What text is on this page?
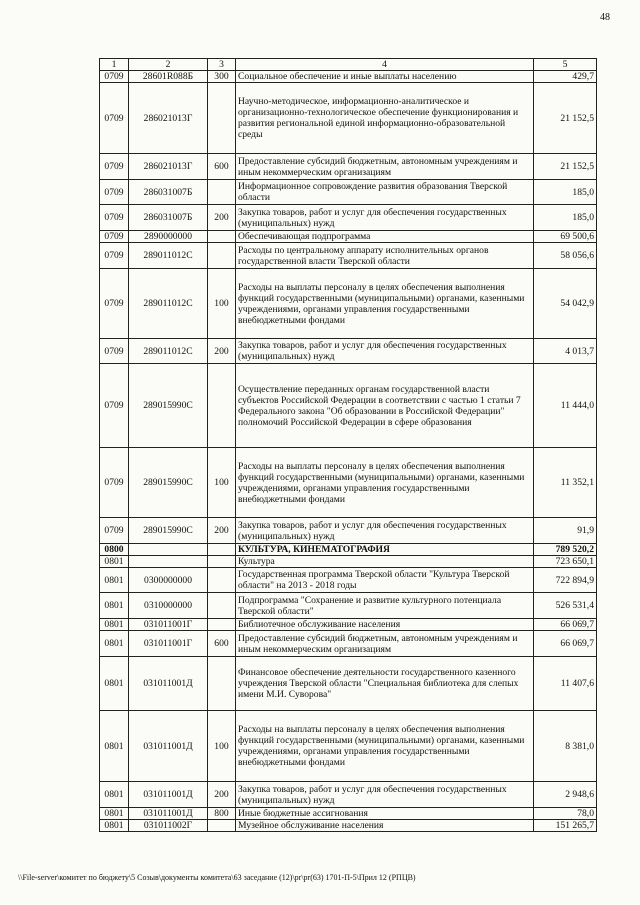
48
1	2	3	4	5
0709	28601R088Б	300	Социальное обеспечение и иные выплаты населению	429,7
0709	286021013Г		Научно-методическое, информационно-аналитическое и организационно-технологическое обеспечение функционирования и развития региональной единой информационно-образовательной среды	21 152,5
0709	286021013Г	600	Предоставление субсидий бюджетным, автономным учреждениям и иным некоммерческим организациям	21 152,5
0709	286031007Б		Информационное сопровождение развития образования Тверской области	185,0
0709	286031007Б	200	Закупка товаров, работ и услуг для обеспечения государственных (муниципальных) нужд	185,0
0709	2890000000		Обеспечивающая подпрограмма	69 500,6
0709	289011012С		Расходы по центральному аппарату исполнительных органов государственной власти Тверской области	58 056,6
0709	289011012С	100	Расходы на выплаты персоналу в целях обеспечения выполнения функций государственными (муниципальными) органами, казенными учреждениями, органами управления государственными внебюджетными фондами	54 042,9
0709	289011012С	200	Закупка товаров, работ и услуг для обеспечения государственных (муниципальных) нужд	4 013,7
0709	289015990С		Осуществление переданных органам государственной власти субъектов Российской Федерации в соответствии с частью 1 статьи 7 Федерального закона "Об образовании в Российской Федерации" полномочий Российской Федерации в сфере образования	11 444,0
0709	289015990С	100	Расходы на выплаты персоналу в целях обеспечения выполнения функций государственными (муниципальными) органами, казенными учреждениями, органами управления государственными внебюджетными фондами	11 352,1
0709	289015990С	200	Закупка товаров, работ и услуг для обеспечения государственных (муниципальных) нужд	91,9
0800			КУЛЬТУРА, КИНЕМАТОГРАФИЯ	789 520,2
0801			Культура	723 650,1
0801	0300000000		Государственная программа Тверской области "Культура Тверской области" на 2013 - 2018 годы	722 894,9
0801	0310000000		Подпрограмма "Сохранение и развитие культурного потенциала Тверской области"	526 531,4
0801	031011001Г		Библиотечное обслуживание населения	66 069,7
0801	031011001Г	600	Предоставление субсидий бюджетным, автономным учреждениям и иным некоммерческим организациям	66 069,7
0801	031011001Д		Финансовое обеспечение деятельности государственного казенного учреждения Тверской области "Специальная библиотека для слепых имени М.И. Суворова"	11 407,6
0801	031011001Д	100	Расходы на выплаты персоналу в целях обеспечения выполнения функций государственными (муниципальными) органами, казенными учреждениями, органами управления государственными внебюджетными фондами	8 381,0
0801	031011001Д	200	Закупка товаров, работ и услуг для обеспечения государственных (муниципальных) нужд	2 948,6
0801	031011001Д	800	Иные бюджетные ассигнования	78,0
0801	031011002Г		Музейное обслуживание населения	151 265,7
\\File-server\комитет по бюджету\5 Созыв\документы комитета\63 заседание (12)\pr\pr(63) 1701-П-5\Прил 12 (РПЦВ)
